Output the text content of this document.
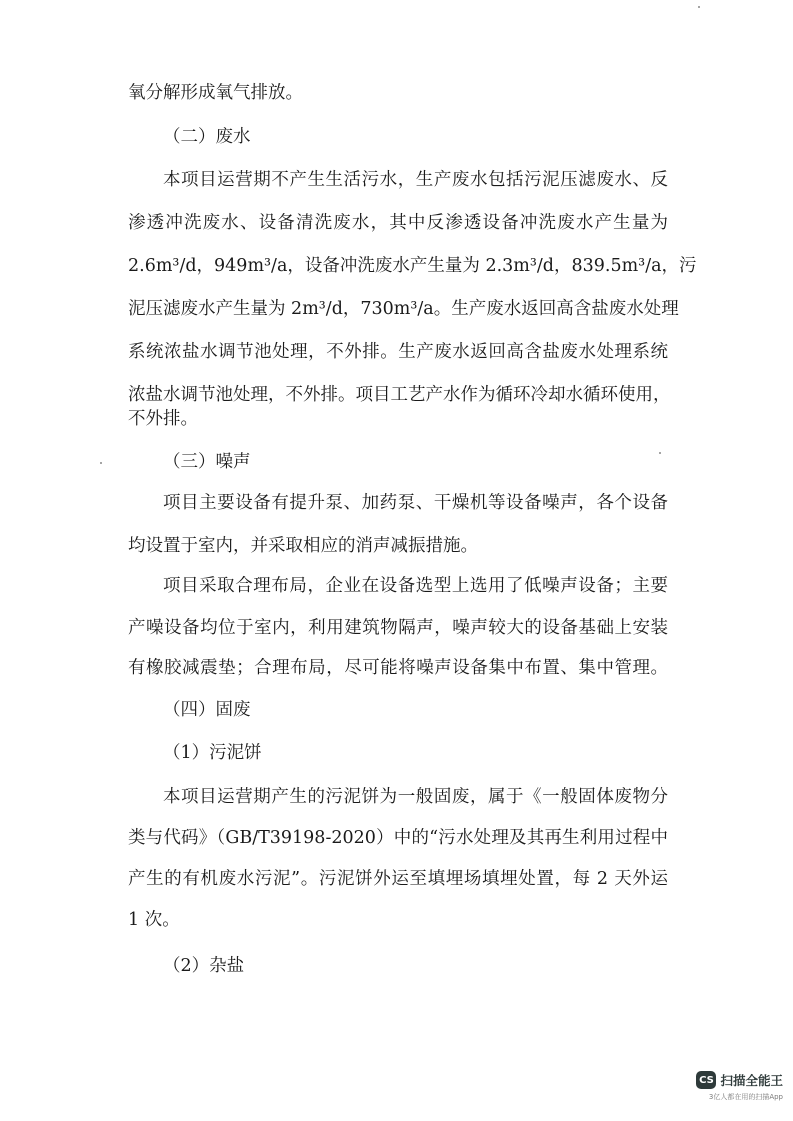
氧分解形成氧气排放。
（二）废水
本项目运营期不产生生活污水，生产废水包括污泥压滤废水、反
渗透冲洗废水、设备清洗废水，其中反渗透设备冲洗废水产生量为
2.6m³/d，949m³/a，设备冲洗废水产生量为 2.3m³/d，839.5m³/a，污
泥压滤废水产生量为 2m³/d，730m³/a。生产废水返回高含盐废水处理
系统浓盐水调节池处理，不外排。生产废水返回高含盐废水处理系统
浓盐水调节池处理，不外排。项目工艺产水作为循环冷却水循环使用，
不外排。
（三）噪声
项目主要设备有提升泵、加药泵、干燥机等设备噪声，各个设备
均设置于室内，并采取相应的消声减振措施。
项目采取合理布局，企业在设备选型上选用了低噪声设备；主要
产噪设备均位于室内，利用建筑物隔声，噪声较大的设备基础上安装
有橡胶减震垫；合理布局，尽可能将噪声设备集中布置、集中管理。
（四）固废
（1）污泥饼
本项目运营期产生的污泥饼为一般固废，属于《一般固体废物分
类与代码》（GB/T39198-2020）中的“污水处理及其再生利用过程中
产生的有机废水污泥”。污泥饼外运至填埋场填埋处置，每 2 天外运
1 次。
（2）杂盐
CS 扫描全能王
3亿人都在用的扫描App
